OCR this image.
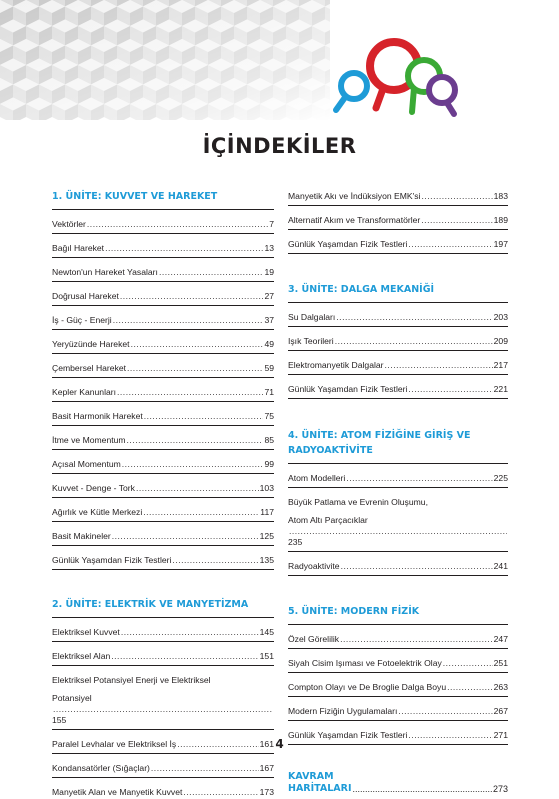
İÇİNDEKİLER
1. ÜNİTE: KUVVET VE HAREKET
Vektörler .....	7
Bağıl Hareket .....	13
Newton'un Hareket Yasaları .....	19
Doğrusal Hareket .....	27
İş - Güç - Enerji .....	37
Yeryüzünde Hareket .....	49
Çembersel Hareket .....	59
Kepler Kanunları .....	71
Basit Harmonik Hareket .....	75
İtme ve Momentum .....	85
Açısal Momentum .....	99
Kuvvet - Denge - Tork .....	103
Ağırlık ve Kütle Merkezi .....	117
Basit Makineler .....	125
Günlük Yaşamdan Fizik Testleri .....	135
2. ÜNİTE: ELEKTRİK VE MANYETİZMA
Elektriksel Kuvvet .....	145
Elektriksel Alan .....	151
Elektriksel Potansiyel Enerji ve Elektriksel
Potansiyel
.....
155
Paralel Levhalar ve Elektriksel İş .....	161
Kondansatörler (Sığaçlar) .....	167
Manyetik Alan ve Manyetik Kuvvet .....	173
Manyetik Akı ve İndüksiyon EMK'si .....	183
Alternatif Akım ve Transformatörler .....	189
Günlük Yaşamdan Fizik Testleri .....	197
3. ÜNİTE: DALGA MEKANİĞİ
Su Dalgaları .....	203
Işık Teorileri .....	209
Elektromanyetik Dalgalar .....	217
Günlük Yaşamdan Fizik Testleri .....	221
4. ÜNİTE: ATOM FİZİĞİNE GİRİŞ VE
RADYOAKTİVİTE
Atom Modelleri .....	225
Büyük Patlama ve Evrenin Oluşumu,
Atom Altı Parçacıklar
.....
235
Radyoaktivite .....	241
5. ÜNİTE: MODERN FİZİK
Özel Görelilik .....	247
Siyah Cisim Işıması ve Fotoelektrik Olay .....	251
Compton Olayı ve De Broglie Dalga Boyu .....	263
Modern Fiziğin Uygulamaları .....	267
Günlük Yaşamdan Fizik Testleri .....	271
KAVRAM HARİTALARI .....	273
4
